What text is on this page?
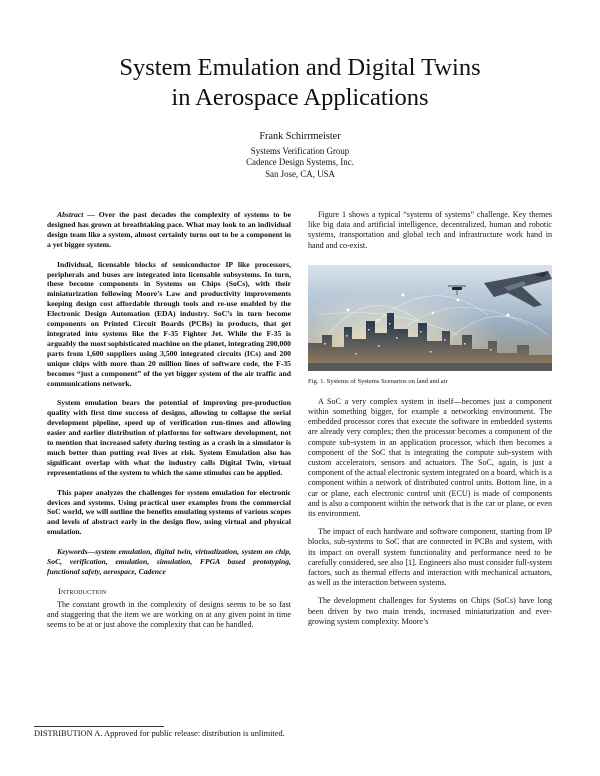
System Emulation and Digital Twins
in Aerospace Applications
Frank Schirrmeister
Systems Verification Group
Cadence Design Systems, Inc.
San Jose, CA, USA

Abstract — Over the past decades the complexity of systems to be designed has grown at breathtaking pace. What may look to an individual design team like a system, almost certainly turns out to be a component in a yet bigger system.

Individual, licensable blocks of semiconductor IP like processors, peripherals and buses are integrated into licensable subsystems. In turn, these become components in Systems on Chips (SoCs), with their miniaturization following Moore’s Law and productivity improvements keeping design cost affordable through tools and re-use enabled by the Electronic Design Automation (EDA) industry. SoC’s in turn become components on Printed Circuit Boards (PCBs) in products, that get integrated into systems like the F-35 Fighter Jet. While the F-35 is arguably the most sophisticated machine on the planet, integrating 200,000 parts from 1,600 suppliers using 3,500 integrated circuits (ICs) and 200 unique chips with more than 20 million lines of software code, the F-35 becomes “just a component” of the yet bigger system of the air traffic and communications network.

System emulation bears the potential of improving pre-production quality with first time success of designs, allowing to collapse the serial development pipeline, speed up of verification run-times and allowing easier and earlier distribution of platforms for software development, not to mention that increased safety during testing as a crash in a simulator is much better than putting real lives at risk. System Emulation also has significant overlap with what the industry calls Digital Twin, virtual representations of the system to which the same stimulus can be applied.

This paper analyzes the challenges for system emulation for electronic devices and systems. Using practical user examples from the commercial SoC world, we will outline the benefits emulating systems of various scopes and levels of abstract early in the design flow, using virtual and physical emulation.

Keywords—system emulation, digital twin, virtualization, system on chip, SoC, verification, emulation, simulation, FPGA based prototyping, functional safety, aerospace, Cadence

Introduction

The constant growth in the complexity of designs seems to be so fast and staggering that the item we are working on at any given point in time seems to be at or just above the complexity that can be handled.

DISTRIBUTION A. Approved for public release: distribution is unlimited.

Figure 1 shows a typical “systems of systems” challenge. Key themes like big data and artificial intelligence, decentralized, human and robotic systems, transportation and global tech and infrastructure work hand in hand and co-exist.

Fig. 1. Systems of Systems Scenarios on land and air

A SoC a very complex system in itself—becomes just a component within something bigger, for example a networking environment. The embedded processor cores that execute the software in embedded systems are already very complex; then the processor becomes a component of the compute sub-system in an application processor, which then becomes a component of the SoC that is integrating the compute sub-system with custom accelerators, sensors and actuators. The SoC, again, is just a component of the actual electronic system integrated on a board, which is a component within a network of distributed control units. Bottom line, in a car or plane, each electronic control unit (ECU) is made of components and is also a component within the network that is the car or plane, or even its environment.

The impact of each hardware and software component, starting from IP blocks, sub-systems to SoC that are connected in PCBs and system, with its impact on overall system functionality and performance need to be carefully considered, see also [1]. Engineers also must consider full-system factors, such as thermal effects and interaction with mechanical actuators, as well as the interaction between systems.

The development challenges for Systems on Chips (SoCs) have long been driven by two main trends, increased miniaturization and ever-growing system complexity. Moore’s
